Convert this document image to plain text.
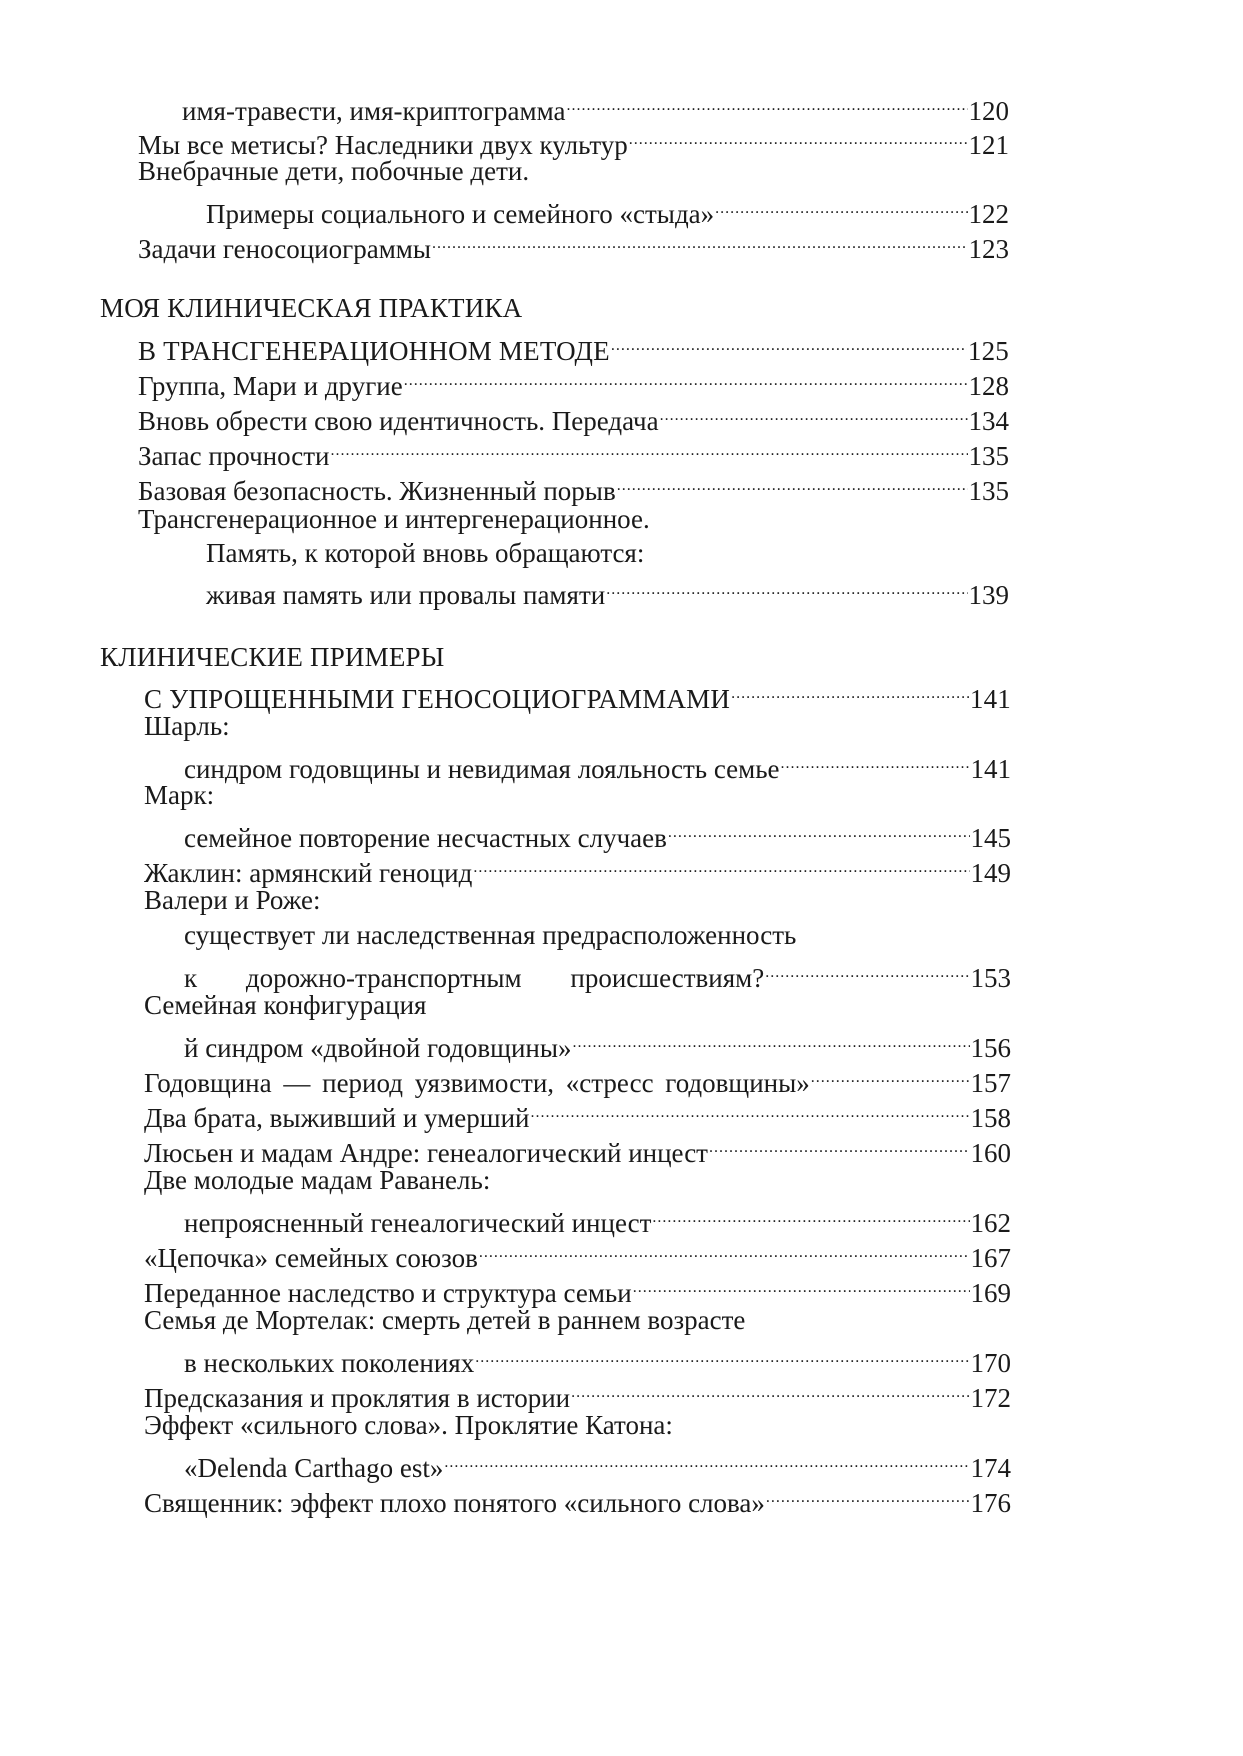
имя-травести, имя-криптограмма .....	120
Мы все метисы? Наследники двух культур .....	121
Внебрачные дети, побочные дети.
Примеры социального и семейного «стыда» .....	122
Задачи геносоциограммы .....	123
МОЯ КЛИНИЧЕСКАЯ ПРАКТИКА
В ТРАНСГЕНЕРАЦИОННОМ МЕТОДЕ .....	125
Группа, Мари и другие .....	128
Вновь обрести свою идентичность. Передача .....	134
Запас прочности .....	135
Базовая безопасность. Жизненный порыв .....	135
Трансгенерационное и интергенерационное.
Память, к которой вновь обращаются:
живая память или провалы памяти .....	139
КЛИНИЧЕСКИЕ ПРИМЕРЫ
С УПРОЩЕННЫМИ ГЕНОСОЦИОГРАММАМИ .....	141
Шарль:
синдром годовщины и невидимая лояльность семье .....	141
Марк:
семейное повторение несчастных случаев .....	145
Жаклин: армянский геноцид .....	149
Валери и Роже:
существует ли наследственная предрасположенность
к дорожно-транспортным происшествиям? .....	153
Семейная конфигурация
й синдром «двойной годовщины» .....	156
Годовщина — период уязвимости, «стресс годовщины» .....	157
Два брата, выживший и умерший .....	158
Люсьен и мадам Андре: генеалогический инцест .....	160
Две молодые мадам Раванель:
непроясненный генеалогический инцест .....	162
«Цепочка» семейных союзов .....	167
Переданное наследство и структура семьи .....	169
Семья де Мортелак: смерть детей в раннем возрасте
в нескольких поколениях .....	170
Предсказания и проклятия в истории .....	172
Эффект «сильного слова». Проклятие Катона:
«Delenda Carthago est» .....	174
Священник: эффект плохо понятого «сильного слова» .....	176
